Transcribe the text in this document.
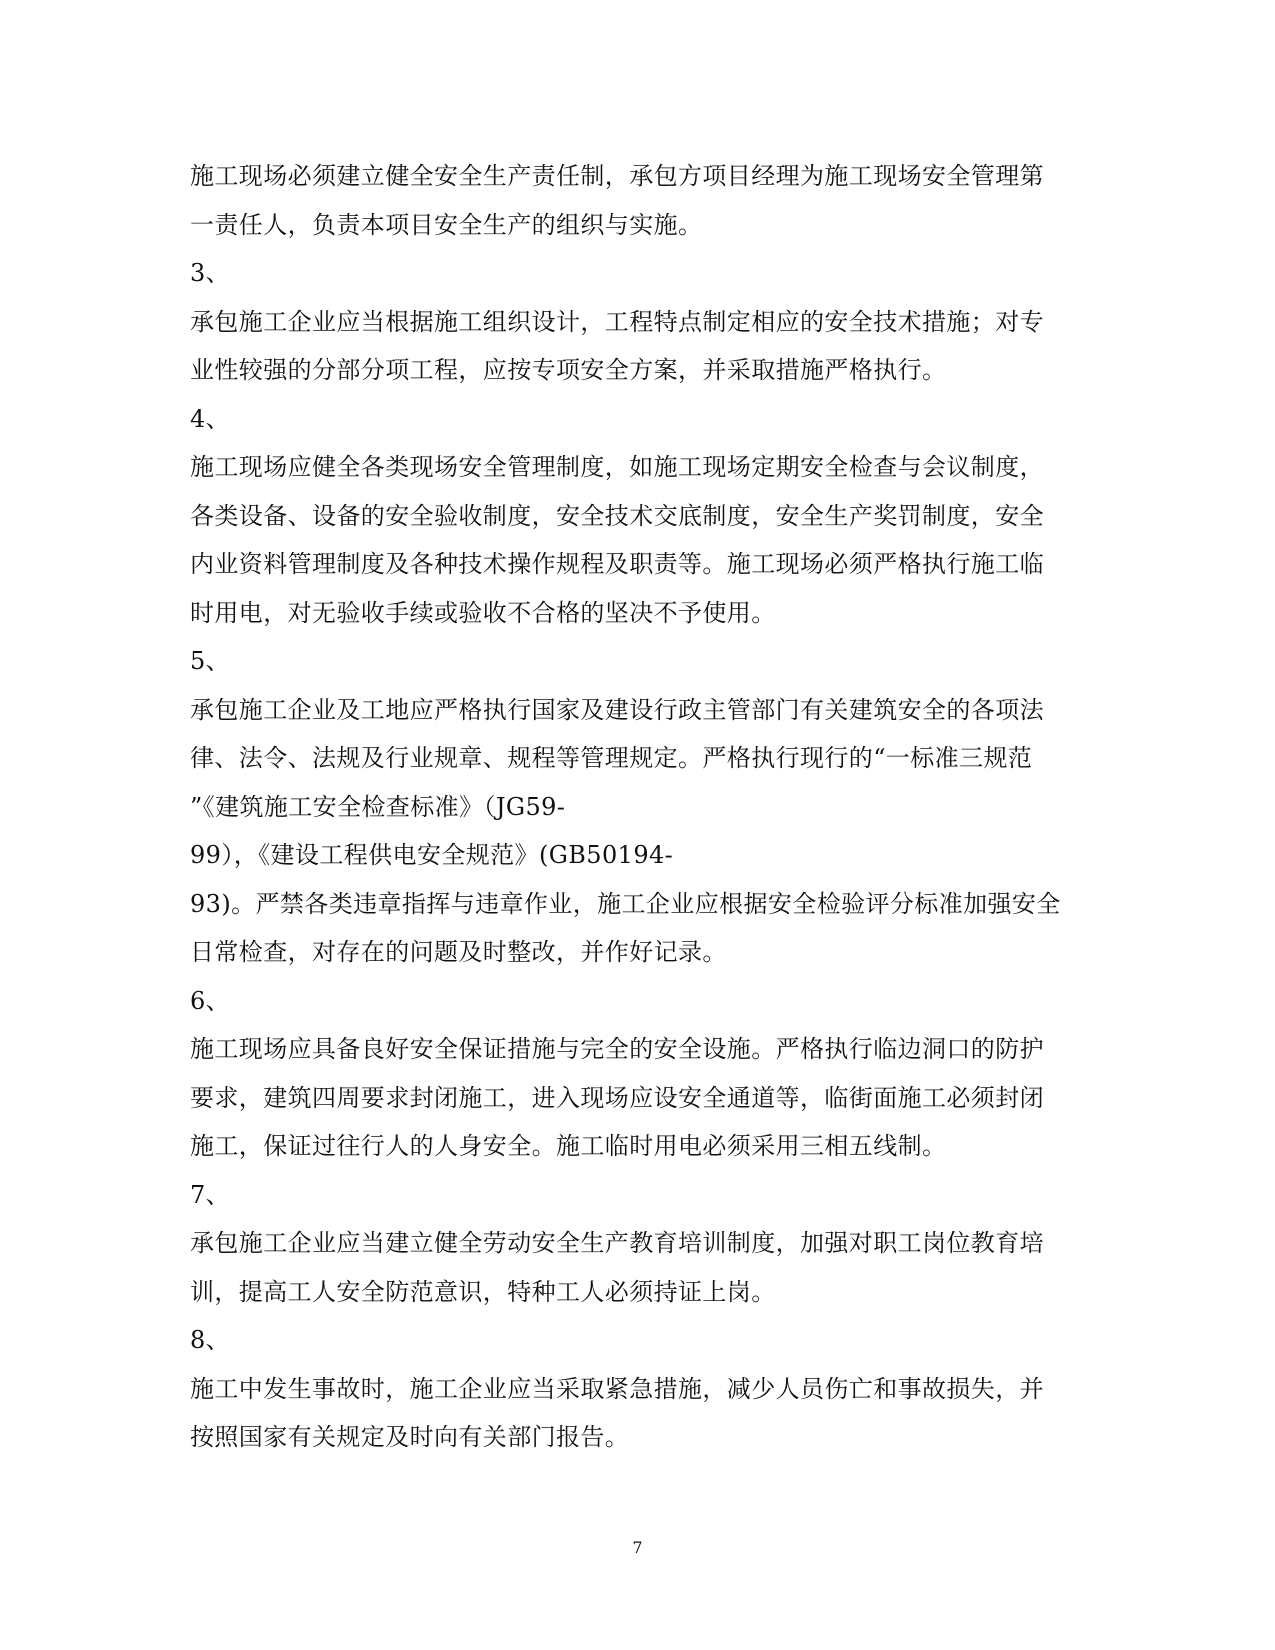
施工现场必须建立健全安全生产责任制，承包方项目经理为施工现场安全管理第
一责任人，负责本项目安全生产的组织与实施。
3、
承包施工企业应当根据施工组织设计，工程特点制定相应的安全技术措施；对专
业性较强的分部分项工程，应按专项安全方案，并采取措施严格执行。
4、
施工现场应健全各类现场安全管理制度，如施工现场定期安全检查与会议制度，
各类设备、设备的安全验收制度，安全技术交底制度，安全生产奖罚制度，安全
内业资料管理制度及各种技术操作规程及职责等。施工现场必须严格执行施工临
时用电，对无验收手续或验收不合格的坚决不予使用。
5、
承包施工企业及工地应严格执行国家及建设行政主管部门有关建筑安全的各项法
律、法令、法规及行业规章、规程等管理规定。严格执行现行的“一标准三规范
”《建筑施工安全检查标准》（JG59-
99），《建设工程供电安全规范》(GB50194-
93)。严禁各类违章指挥与违章作业，施工企业应根据安全检验评分标准加强安全
日常检查，对存在的问题及时整改，并作好记录。
6、
施工现场应具备良好安全保证措施与完全的安全设施。严格执行临边洞口的防护
要求，建筑四周要求封闭施工，进入现场应设安全通道等，临街面施工必须封闭
施工，保证过往行人的人身安全。施工临时用电必须采用三相五线制。
7、
承包施工企业应当建立健全劳动安全生产教育培训制度，加强对职工岗位教育培
训，提高工人安全防范意识，特种工人必须持证上岗。
8、
施工中发生事故时，施工企业应当采取紧急措施，减少人员伤亡和事故损失，并
按照国家有关规定及时向有关部门报告。
7
